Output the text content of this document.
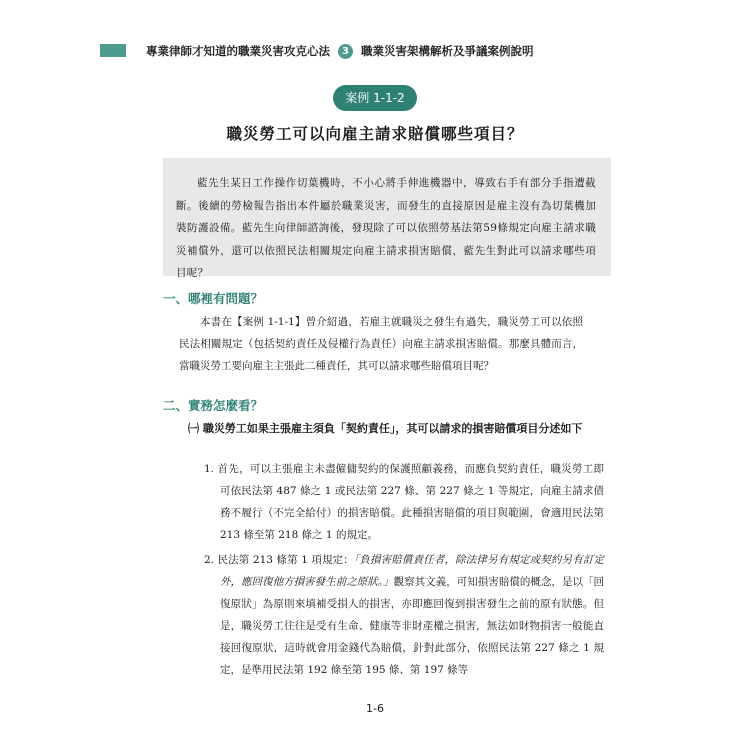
專業律師才知道的職業災害攻克心法 3 職業災害架構解析及爭議案例說明
案例 1-1-2
職災勞工可以向雇主請求賠償哪些項目？
藍先生某日工作操作切葉機時，不小心將手伸進機器中，導致右手有部分手指遭截斷。後續的勞檢報告指出本件屬於職業災害，而發生的直接原因是雇主沒有為切葉機加裝防護設備。藍先生向律師諮詢後，發現除了可以依照勞基法第59條規定向雇主請求職災補償外，還可以依照民法相關規定向雇主請求損害賠償，藍先生對此可以請求哪些項目呢？
一、哪裡有問題？
本書在【案例 1-1-1】曾介紹過，若雇主就職災之發生有過失，職災勞工可以依照民法相關規定（包括契約責任及侵權行為責任）向雇主請求損害賠償。那麼具體而言，當職災勞工要向雇主主張此二種責任，其可以請求哪些賠償項目呢？
二、實務怎麼看？
㈠ 職災勞工如果主張雇主須負「契約責任」，其可以請求的損害賠償項目分述如下
1. 首先，可以主張雇主未盡僱傭契約的保護照顧義務，而應負契約責任，職災勞工即可依民法第 487 條之 1 或民法第 227 條、第 227 條之 1 等規定，向雇主請求債務不履行（不完全給付）的損害賠償。此種損害賠償的項目與範圍，會適用民法第 213 條至第 218 條之 1 的規定。
2. 民法第 213 條第 1 項規定：「負損害賠償責任者，除法律另有規定或契約另有訂定外，應回復他方損害發生前之原狀。」觀察其文義，可知損害賠償的概念，是以「回復原狀」為原則來填補受損人的損害，亦即應回復到損害發生之前的原有狀態。但是，職災勞工往往是受有生命、健康等非財產權之損害，無法如財物損害一般能直接回復原狀，這時就會用金錢代為賠償，針對此部分，依照民法第 227 條之 1 規定，是準用民法第 192 條至第 195 條、第 197 條等
1-6
